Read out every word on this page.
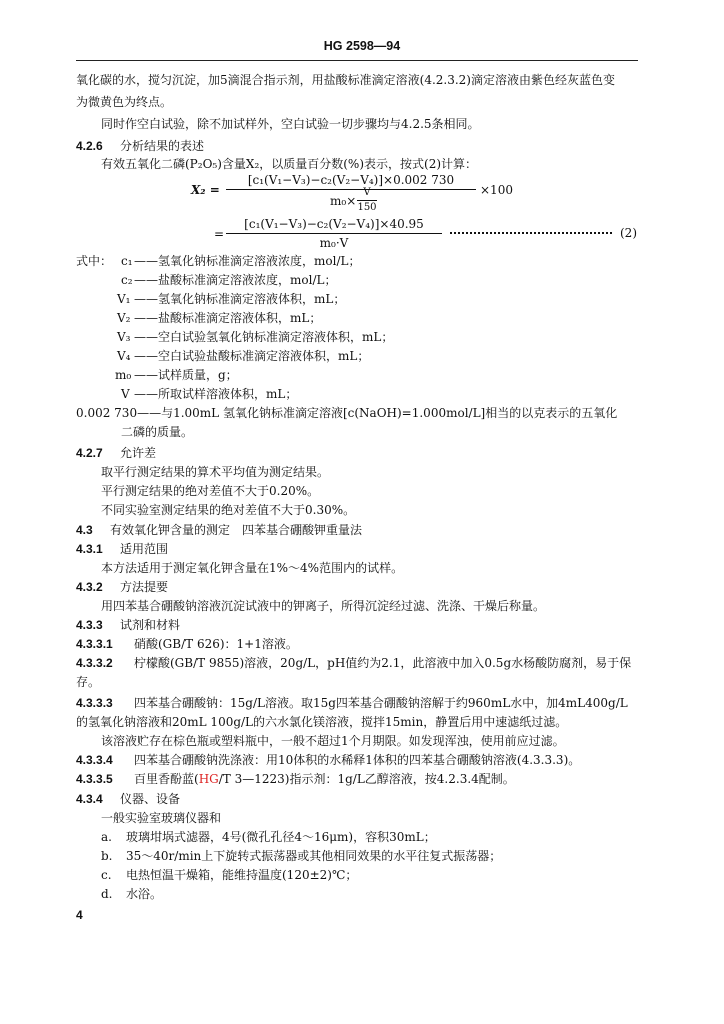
HG 2598—94
氧化碳的水，搅匀沉淀，加5滴混合指示剂，用盐酸标准滴定溶液(4.2.3.2)滴定溶液由紫色经灰蓝色变
为微黄色为终点。
同时作空白试验，除不加试样外，空白试验一切步骤均与4.2.5条相同。
4.2.6 分析结果的表述
有效五氧化二磷(P₂O₅)含量X₂，以质量百分数(%)表示，按式(2)计算：
X₂ =
[c₁(V₁−V₃)−c₂(V₂−V₄)]×0.002 730
m₀×
V
150
×100
=
[c₁(V₁−V₃)−c₂(V₂−V₄)]×40.95
m₀·V
(2)
式中： c₁ ——氢氧化钠标准滴定溶液浓度，mol/L；
c₂ ——盐酸标准滴定溶液浓度，mol/L；
V₁ ——氢氧化钠标准滴定溶液体积，mL；
V₂ ——盐酸标准滴定溶液体积，mL；
V₃ ——空白试验氢氧化钠标准滴定溶液体积，mL；
V₄ ——空白试验盐酸标准滴定溶液体积，mL；
m₀ ——试样质量，g；
V ——所取试样溶液体积，mL；
0.002 730——与1.00mL 氢氧化钠标准滴定溶液[c(NaOH)=1.000mol/L]相当的以克表示的五氧化
二磷的质量。
4.2.7 允许差
取平行测定结果的算术平均值为测定结果。
平行测定结果的绝对差值不大于0.20%。
不同实验室测定结果的绝对差值不大于0.30%。
4.3 有效氧化钾含量的测定　四苯基合硼酸钾重量法
4.3.1 适用范围
本方法适用于测定氧化钾含量在1%～4%范围内的试样。
4.3.2 方法提要
用四苯基合硼酸钠溶液沉淀试液中的钾离子，所得沉淀经过滤、洗涤、干燥后称量。
4.3.3 试剂和材料
4.3.3.1 硝酸(GB/T 626)：1+1溶液。
4.3.3.2 柠檬酸(GB/T 9855)溶液，20g/L，pH值约为2.1，此溶液中加入0.5g水杨酸防腐剂，易于保
存。
4.3.3.3 四苯基合硼酸钠：15g/L溶液。取15g四苯基合硼酸钠溶解于约960mL水中，加4mL400g/L
的氢氧化钠溶液和20mL 100g/L的六水氯化镁溶液，搅拌15min，静置后用中速滤纸过滤。
该溶液贮存在棕色瓶或塑料瓶中，一般不超过1个月期限。如发现浑浊，使用前应过滤。
4.3.3.4 四苯基合硼酸钠洗涤液：用10体积的水稀释1体积的四苯基合硼酸钠溶液(4.3.3.3)。
4.3.3.5 百里香酚蓝(HG/T 3—1223)指示剂：1g/L乙醇溶液，按4.2.3.4配制。
4.3.4 仪器、设备
一般实验室玻璃仪器和
a. 玻璃坩埚式滤器，4号(微孔孔径4～16μm)，容积30mL；
b. 35～40r/min上下旋转式振荡器或其他相同效果的水平往复式振荡器；
c. 电热恒温干燥箱，能维持温度(120±2)℃；
d. 水浴。
4
